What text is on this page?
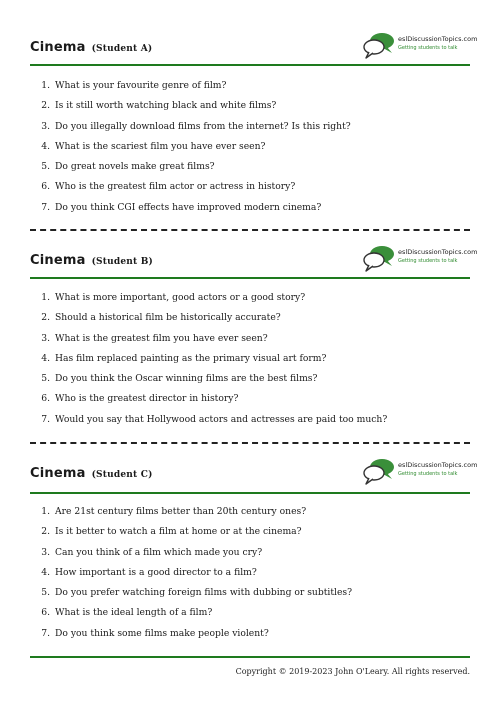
Cinema (Student A)
eslDiscussionTopics.com
Getting students to talk
1. What is your favourite genre of film?
2. Is it still worth watching black and white films?
3. Do you illegally download films from the internet? Is this right?
4. What is the scariest film you have ever seen?
5. Do great novels make great films?
6. Who is the greatest film actor or actress in history?
7. Do you think CGI effects have improved modern cinema?
Cinema (Student B)
eslDiscussionTopics.com
Getting students to talk
1. What is more important, good actors or a good story?
2. Should a historical film be historically accurate?
3. What is the greatest film you have ever seen?
4. Has film replaced painting as the primary visual art form?
5. Do you think the Oscar winning films are the best films?
6. Who is the greatest director in history?
7. Would you say that Hollywood actors and actresses are paid too much?
Cinema (Student C)
eslDiscussionTopics.com
Getting students to talk
1. Are 21st century films better than 20th century ones?
2. Is it better to watch a film at home or at the cinema?
3. Can you think of a film which made you cry?
4. How important is a good director to a film?
5. Do you prefer watching foreign films with dubbing or subtitles?
6. What is the ideal length of a film?
7. Do you think some films make people violent?
Copyright © 2019-2023 John O'Leary. All rights reserved.
